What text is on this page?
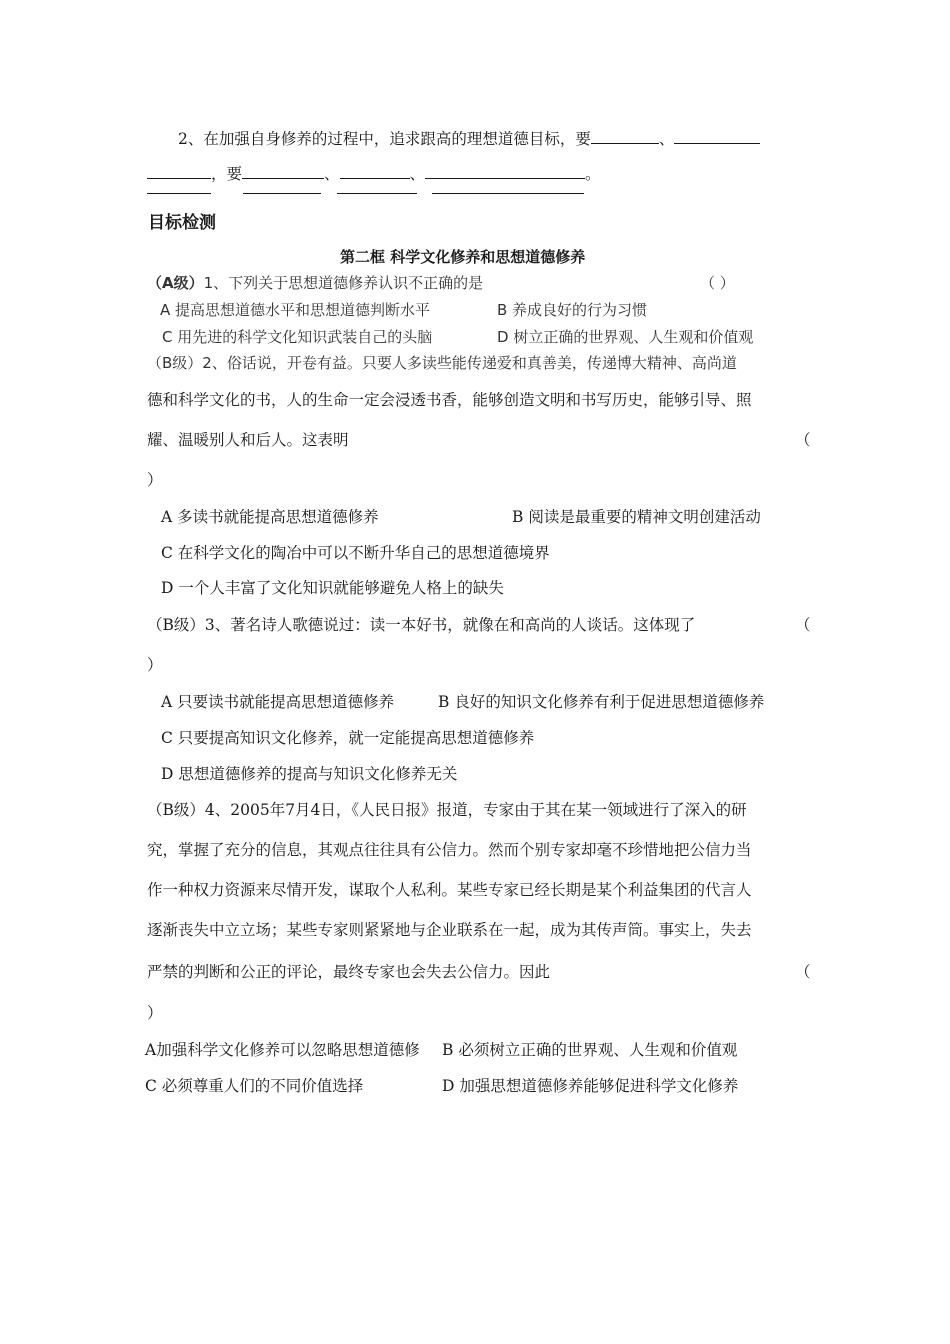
2、在加强自身修养的过程中，追求跟高的理想道德目标，要	、
，要	、	、	。
目标检测
第二框 科学文化修养和思想道德修养
（A级）1、下列关于思想道德修养认识不正确的是	（ ）
A 提高思想道德水平和思想道德判断水平	B 养成良好的行为习惯
C 用先进的科学文化知识武装自己的头脑	D 树立正确的世界观、人生观和价值观
（B级）2、俗话说，开卷有益。只要人多读些能传递爱和真善美，传递博大精神、高尚道
德和科学文化的书，人的生命一定会浸透书香，能够创造文明和书写历史，能够引导、照
耀、温暖别人和后人。这表明	（
）
A 多读书就能提高思想道德修养	B 阅读是最重要的精神文明创建活动
C 在科学文化的陶冶中可以不断升华自己的思想道德境界
D 一个人丰富了文化知识就能够避免人格上的缺失
（B级）3、著名诗人歌德说过：读一本好书，就像在和高尚的人谈话。这体现了	（
）
A 只要读书就能提高思想道德修养	B 良好的知识文化修养有利于促进思想道德修养
C 只要提高知识文化修养，就一定能提高思想道德修养
D 思想道德修养的提高与知识文化修养无关
（B级）4、2005年7月4日，《人民日报》报道，专家由于其在某一领域进行了深入的研
究，掌握了充分的信息，其观点往往具有公信力。然而个别专家却毫不珍惜地把公信力当
作一种权力资源来尽情开发，谋取个人私利。某些专家已经长期是某个利益集团的代言人
逐渐丧失中立立场；某些专家则紧紧地与企业联系在一起，成为其传声筒。事实上，失去
严禁的判断和公正的评论，最终专家也会失去公信力。因此	（
）
A加强科学文化修养可以忽略思想道德修 B 必须树立正确的世界观、人生观和价值观
C 必须尊重人们的不同价值选择	D 加强思想道德修养能够促进科学文化修养
